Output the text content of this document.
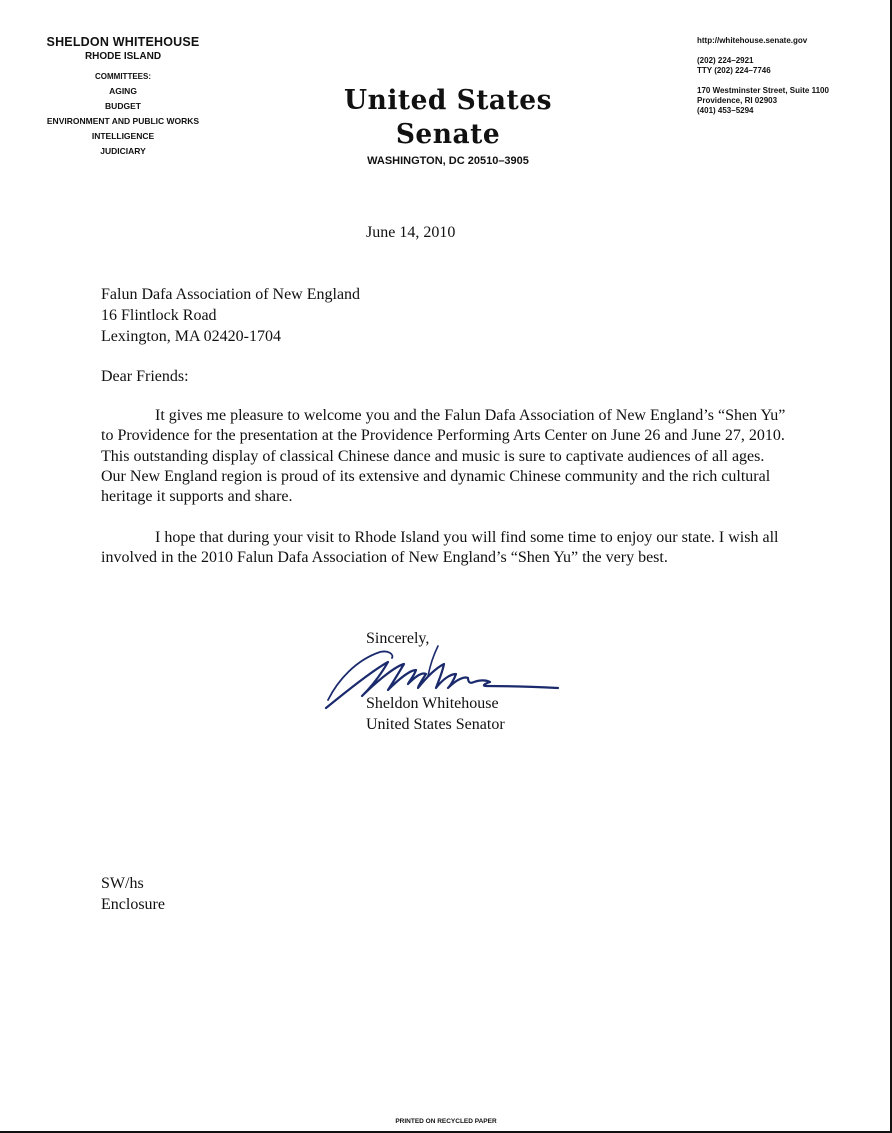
SHELDON WHITEHOUSE
RHODE ISLAND
COMMITTEES:
AGING
BUDGET
ENVIRONMENT AND PUBLIC WORKS
INTELLIGENCE
JUDICIARY
United States Senate
WASHINGTON, DC 20510–3905
http://whitehouse.senate.gov
(202) 224–2921
TTY (202) 224–7746
170 Westminster Street, Suite 1100
Providence, RI 02903
(401) 453–5294
June 14, 2010
Falun Dafa Association of New England
16 Flintlock Road
Lexington, MA 02420-1704
Dear Friends:
It gives me pleasure to welcome you and the Falun Dafa Association of New England’s “Shen Yu” to Providence for the presentation at the Providence Performing Arts Center on June 26 and June 27, 2010. This outstanding display of classical Chinese dance and music is sure to captivate audiences of all ages. Our New England region is proud of its extensive and dynamic Chinese community and the rich cultural heritage it supports and share.
I hope that during your visit to Rhode Island you will find some time to enjoy our state. I wish all involved in the 2010 Falun Dafa Association of New England’s “Shen Yu” the very best.
Sincerely,
Sheldon Whitehouse
United States Senator
SW/hs
Enclosure
PRINTED ON RECYCLED PAPER
